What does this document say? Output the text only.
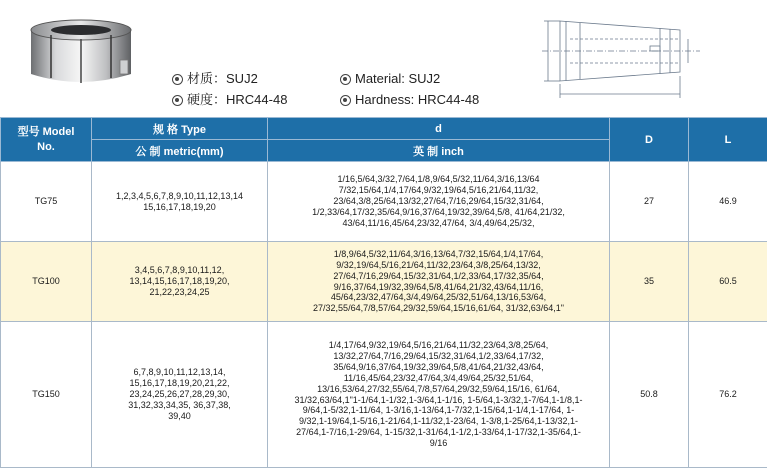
材质：SUJ2
硬度：HRC44-48
Material: SUJ2
Hardness: HRC44-48
型号 Model No.	规 格 Type	d	D	L
	公 制 metric(mm)	英 制 inch		
TG75	1,2,3,4,5,6,7,8,9,10,11,12,13,14 15,16,17,18,19,20	1/16,5/64,3/32,7/64,1/8,9/64,5/32,11/64,3/16,13/64 7/32,15/64,1/4,17/64,9/32,19/64,5/16,21/64,11/32, 23/64,3/8,25/64,13/32,27/64,7/16,29/64,15/32,31/64, 1/2,33/64,17/32,35/64,9/16,37/64,19/32,39/64,5/8, 41/64,21/32, 43/64,11/16,45/64,23/32,47/64, 3/4,49/64,25/32,	27	46.9
TG100	3,4,5,6,7,8,9,10,11,12, 13,14,15,16,17,18,19,20, 21,22,23,24,25	1/8,9/64,5/32,11/64,3/16,13/64,7/32,15/64,1/4,17/64, 9/32,19/64,5/16,21/64,11/32,23/64,3/8,25/64,13/32, 27/64,7/16,29/64,15/32,31/64,1/2,33/64,17/32,35/64, 9/16,37/64,19/32,39/64,5/8,41/64,21/32,43/64,11/16, 45/64,23/32,47/64,3/4,49/64,25/32,51/64,13/16,53/64, 27/32,55/64,7/8,57/64,29/32,59/64,15/16,61/64, 31/32,63/64,1"	35	60.5
TG150	6,7,8,9,10,11,12,13,14, 15,16,17,18,19,20,21,22, 23,24,25,26,27,28,29,30, 31,32,33,34,35, 36,37,38, 39,40	1/4,17/64,9/32,19/64,5/16,21/64,11/32,23/64,3/8,25/64, 13/32,27/64,7/16,29/64,15/32,31/64,1/2,33/64,17/32, 35/64,9/16,37/64,19/32,39/64,5/8,41/64,21/32,43/64, 11/16,45/64,23/32,47/64,3/4,49/64,25/32,51/64, 13/16,53/64,27/32,55/64,7/8,57/64,29/32,59/64,15/16, 61/64, 31/32,63/64,1"1-1/64,1-1/32,1-3/64,1-1/16, 1-5/64,1-3/32,1-7/64,1-1/8,1-9/64,1-5/32,1-11/64, 1-3/16,1-13/64,1-7/32,1-15/64,1-1/4,1-17/64, 1-9/32,1-19/64,1-5/16,1-21/64,1-11/32,1-23/64, 1-3/8,1-25/64,1-13/32,1-27/64,1-7/16,1-29/64, 1-15/32,1-31/64,1-1/2,1-33/64,1-17/32,1-35/64,1-9/16	50.8	76.2
